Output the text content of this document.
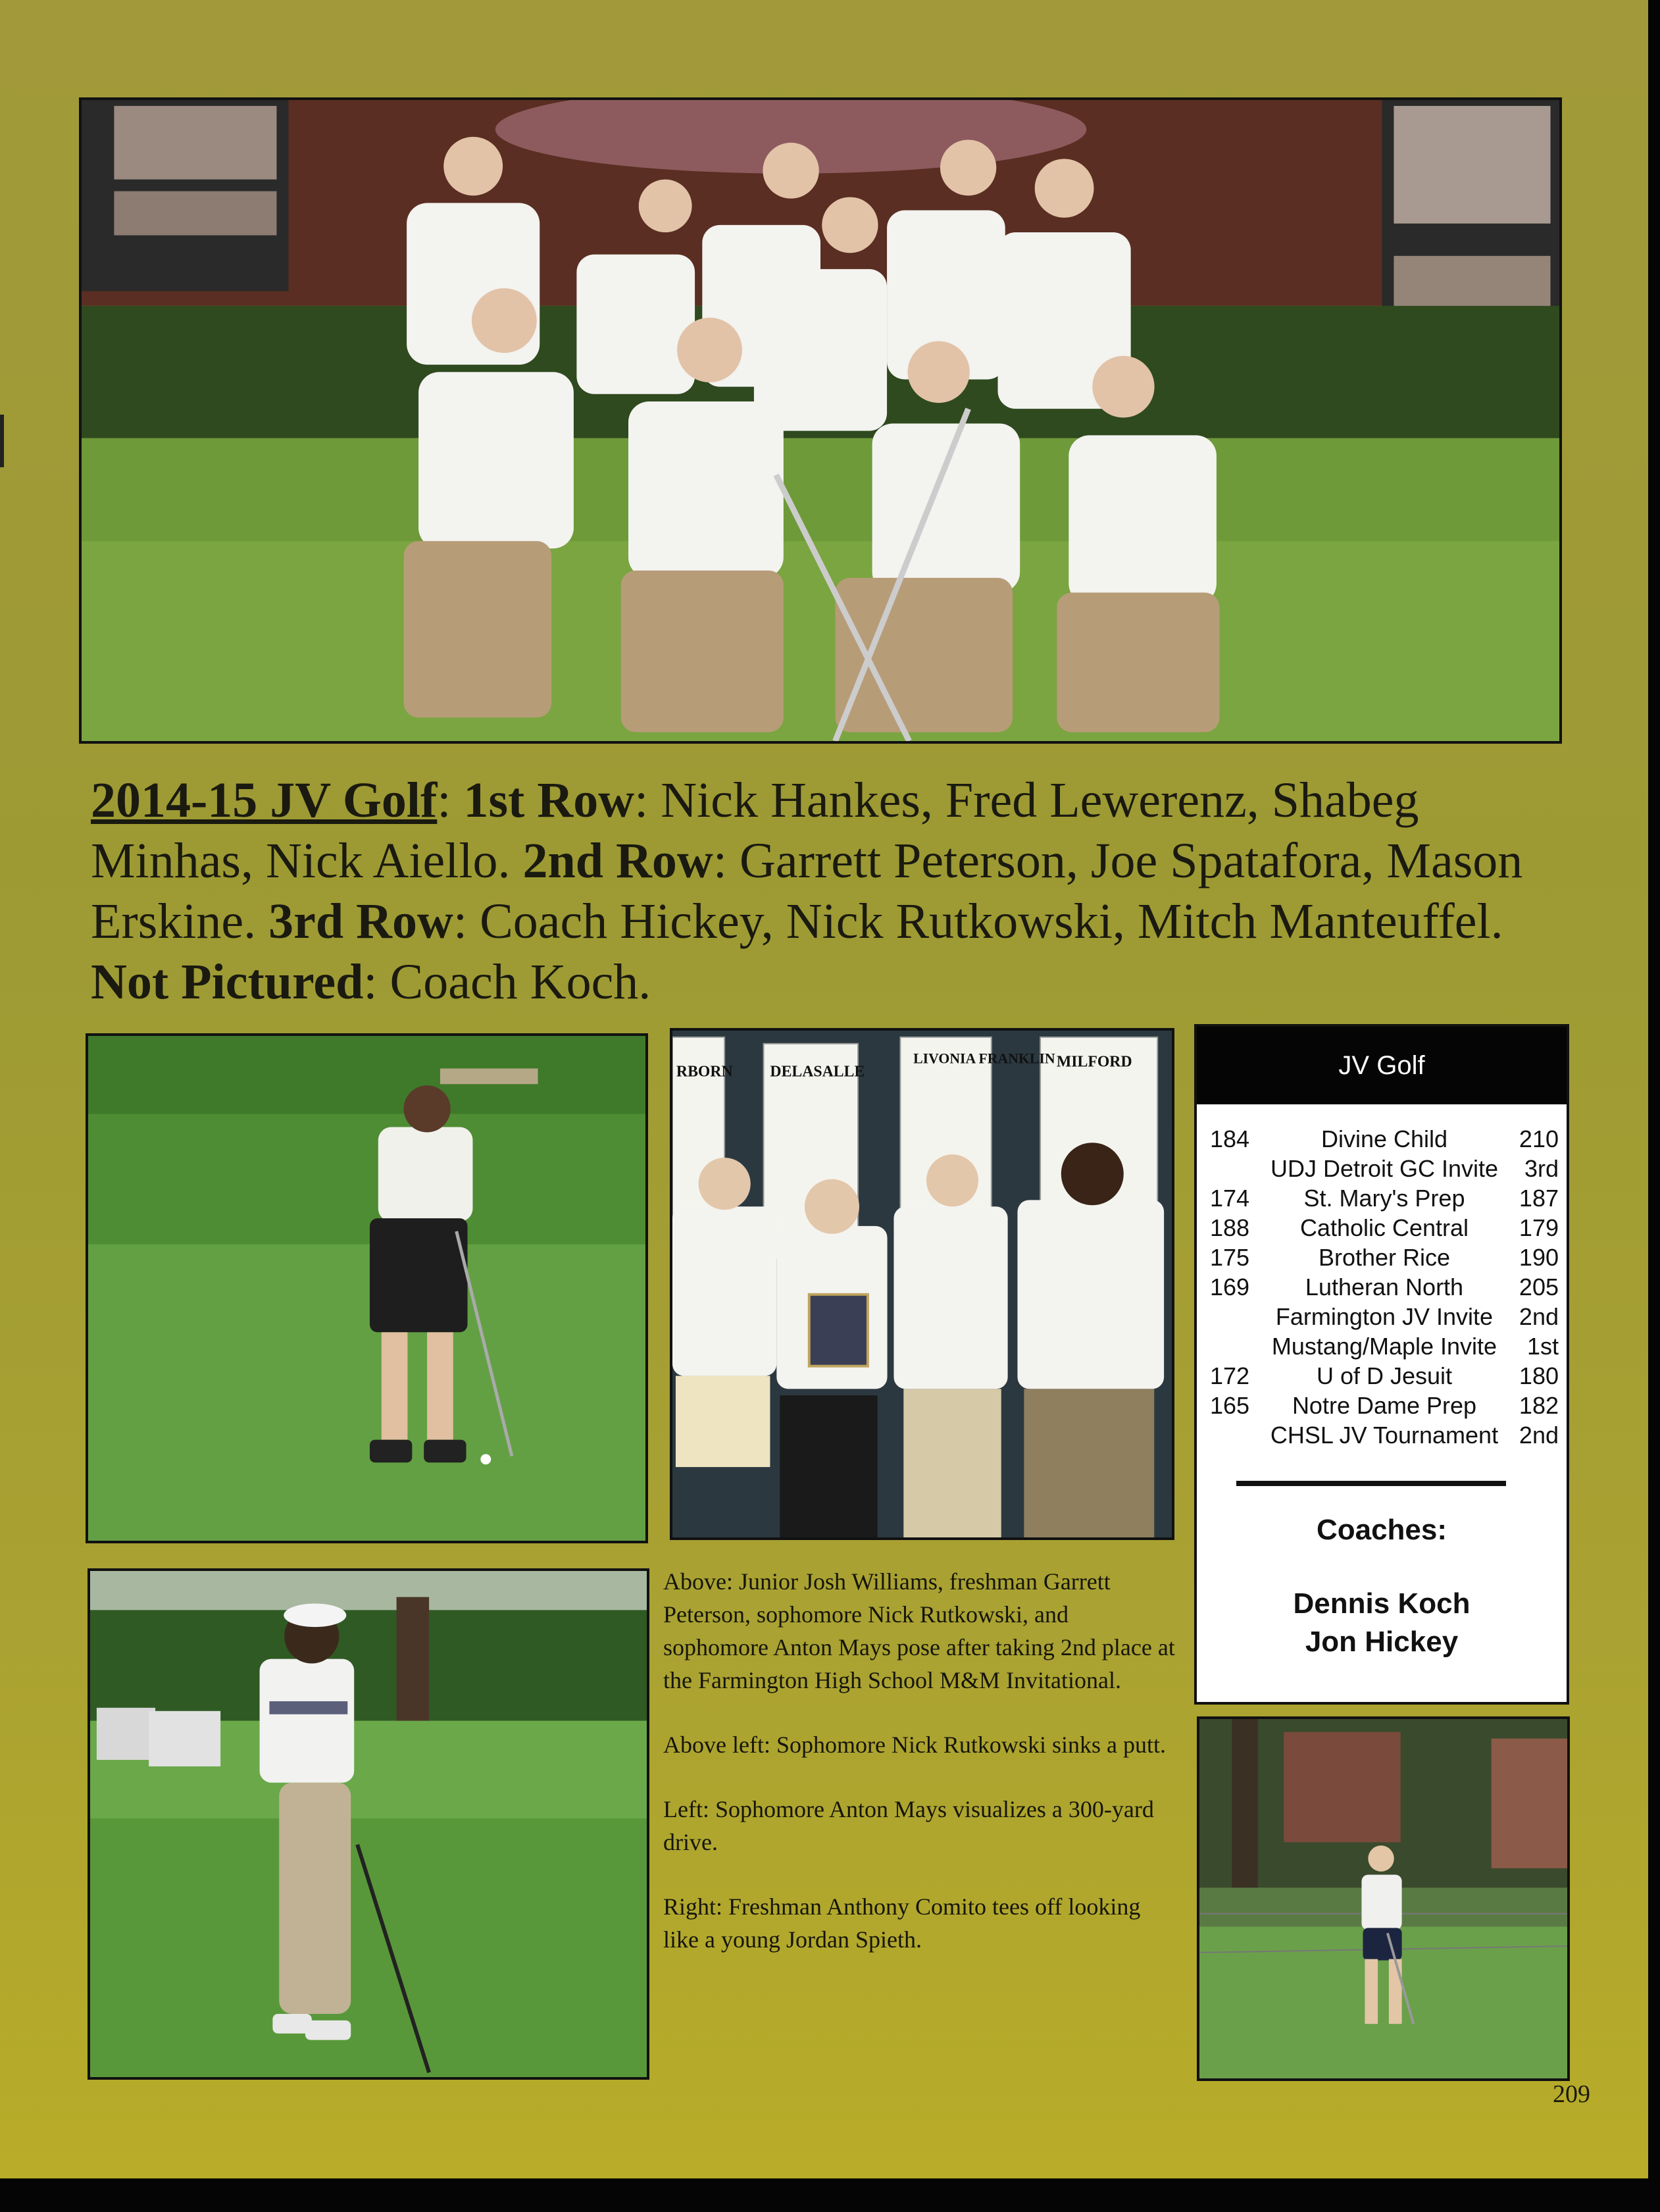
2014-15 JV Golf: 1st Row: Nick Hankes, Fred Lewerenz, Shabeg Minhas, Nick Aiello. 2nd Row: Garrett Peterson, Joe Spatafora, Mason Erskine. 3rd Row: Coach Hickey, Nick Rutkowski, Mitch Manteuffel. Not Pictured: Coach Koch.
RBORN DELASALLE
LIVONIA FRANKLIN MILFORD	JV Golf
184	Divine Child	210
UDJ Detroit GC Invite	3rd
174	St. Mary's Prep	187
188	Catholic Central	179
175	Brother Rice	190
169	Lutheran North	205
Farmington JV Invite	2nd
Mustang/Maple Invite	1st
172	U of D Jesuit	180
165	Notre Dame Prep	182
CHSL JV Tournament 2nd
Coaches:
Dennis Koch
Jon Hickey

Above: Junior Josh Williams, freshman Garrett Peterson, sophomore Nick Rutkowski, and sophomore Anton Mays pose after taking 2nd place at the Farmington High School M&M Invitational.

Above left: Sophomore Nick Rutkowski sinks a putt.

Left: Sophomore Anton Mays visualizes a 300-yard drive.

Right: Freshman Anthony Comito tees off looking like a young Jordan Spieth.

209
